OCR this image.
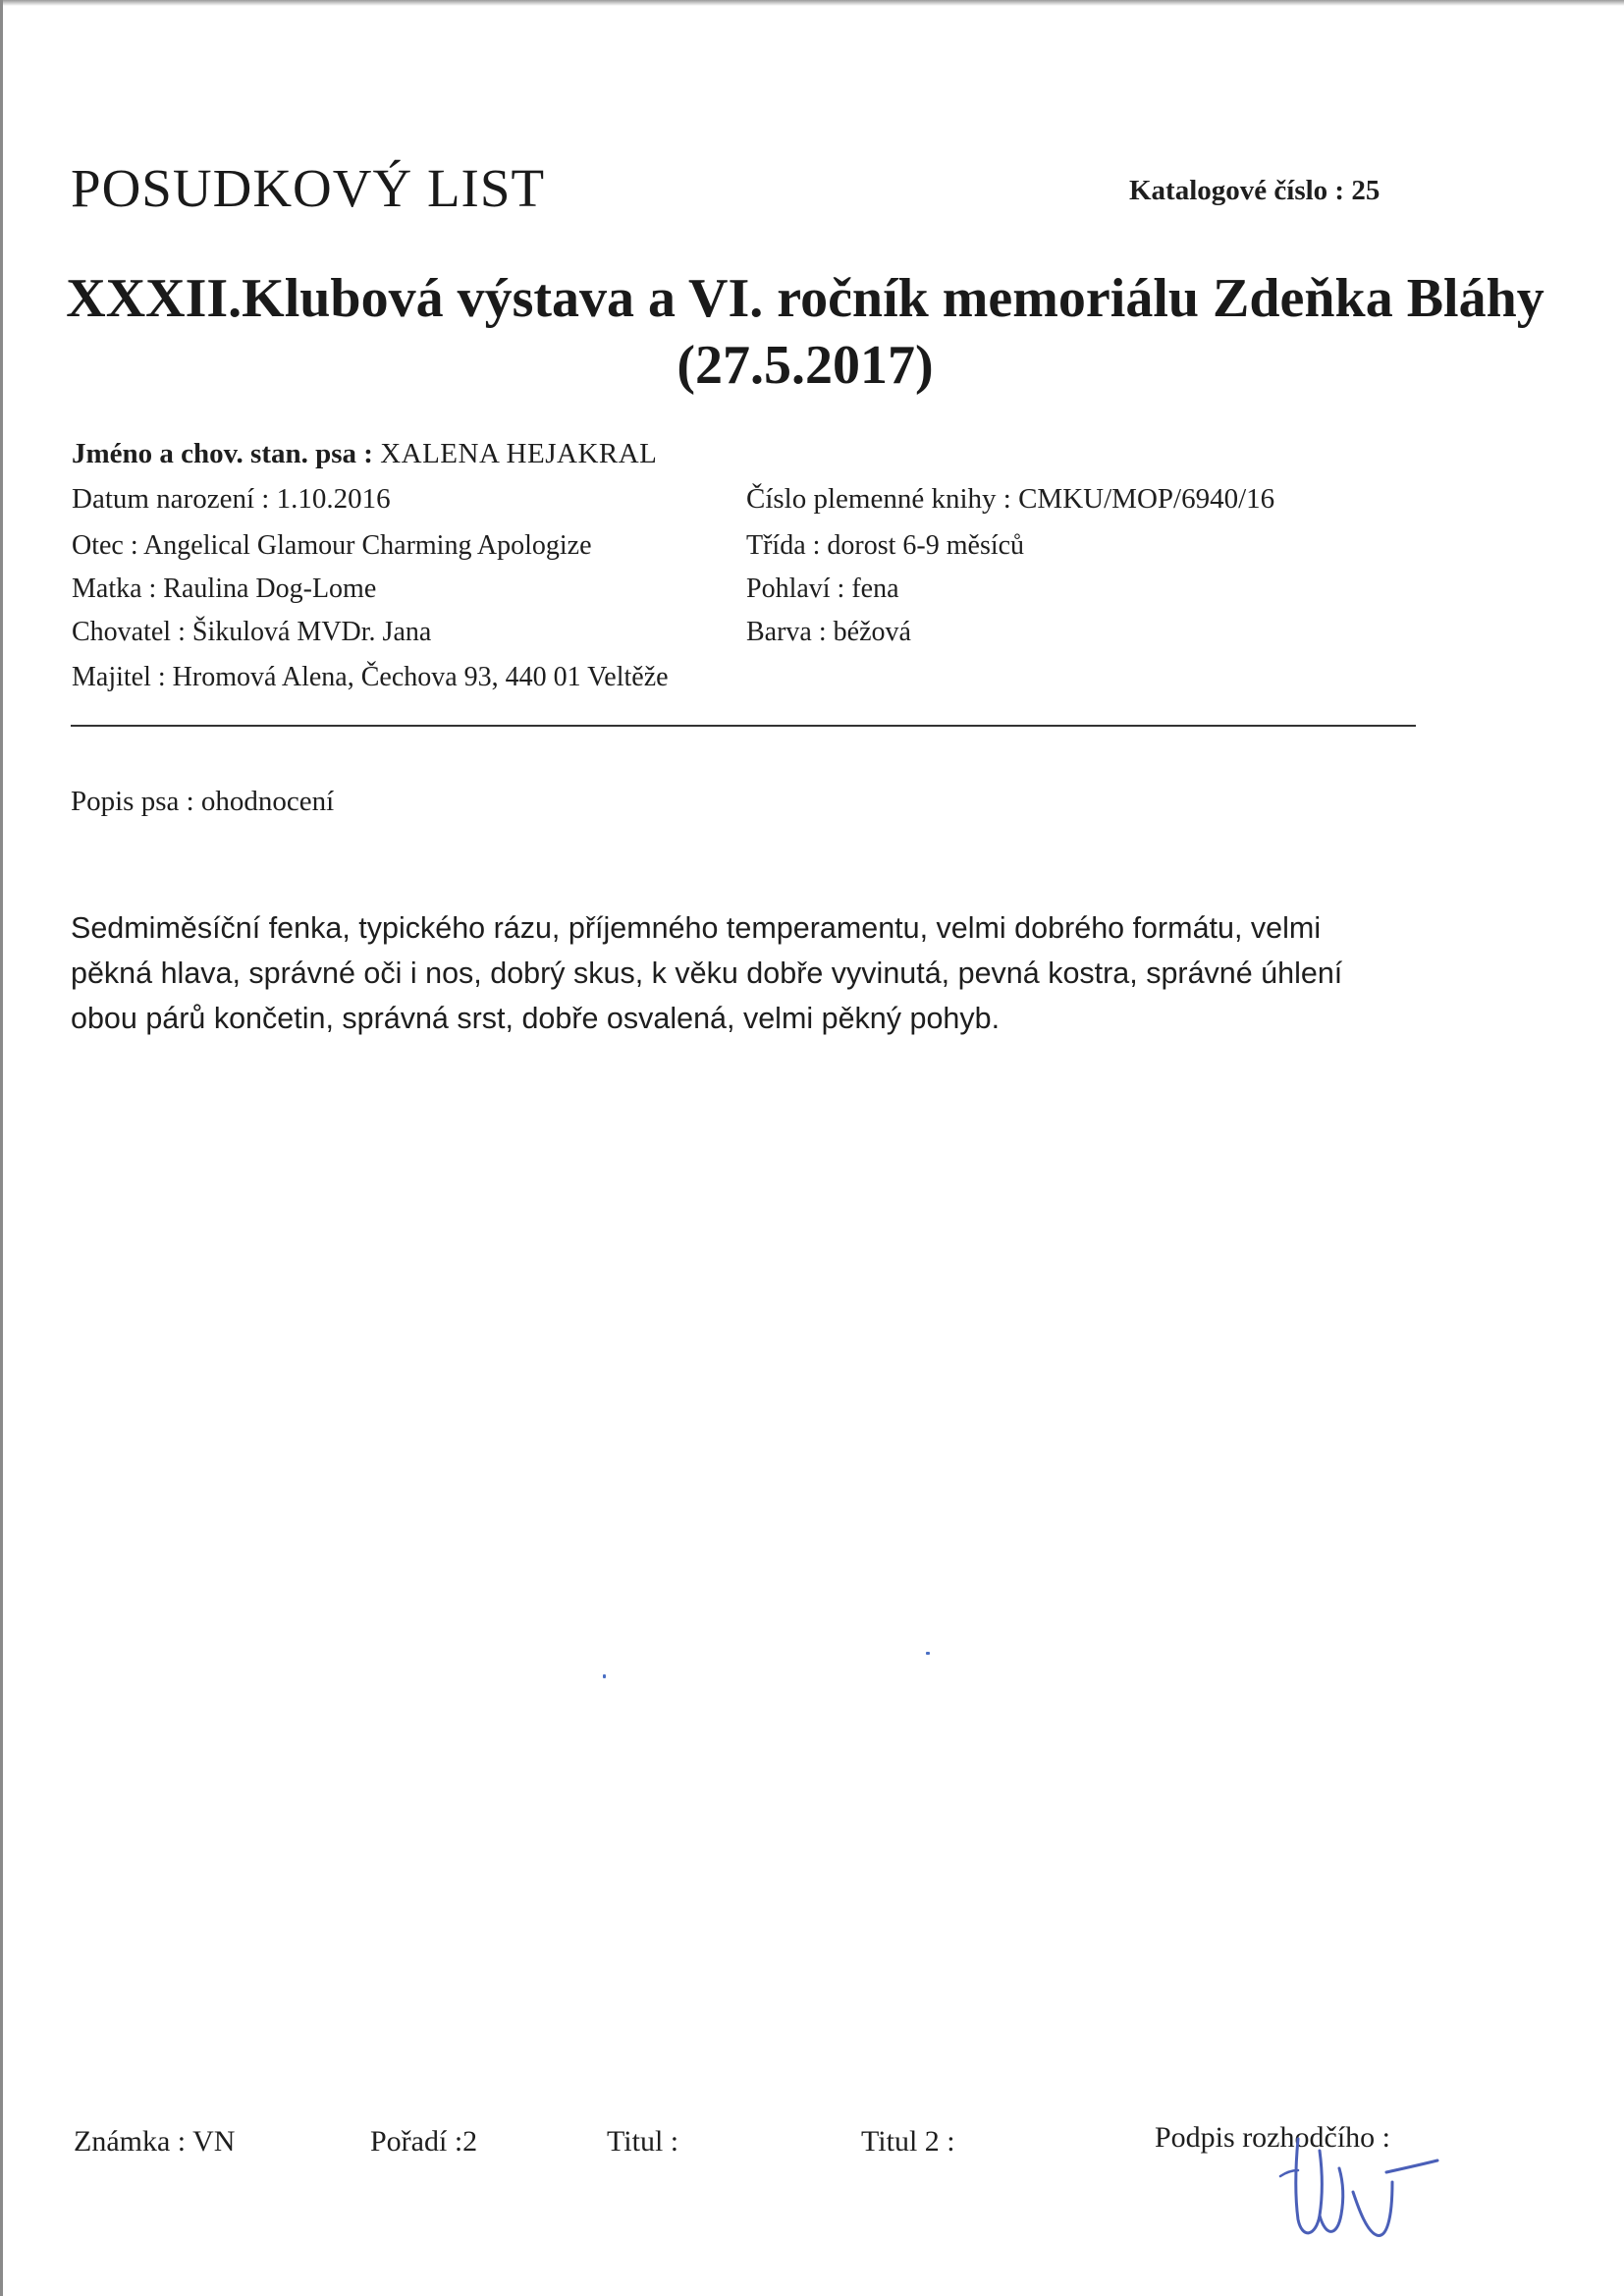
POSUDKOVÝ LIST	Katalogové číslo : 25
XXXII.Klubová výstava a VI. ročník memoriálu Zdeňka Bláhy (27.5.2017)
Jméno a chov. stan. psa : XALENA HEJAKRAL
Datum narození : 1.10.2016	Číslo plemenné knihy : CMKU/MOP/6940/16
Otec : Angelical Glamour Charming Apologize	Třída : dorost 6-9 měsíců
Matka : Raulina Dog-Lome	Pohlaví : fena
Chovatel : Šikulová MVDr. Jana	Barva : béžová
Majitel : Hromová Alena, Čechova 93, 440 01 Veltěže
Popis psa : ohodnocení
Sedmiměsíční fenka, typického rázu, příjemného temperamentu, velmi dobrého formátu, velmi
pěkná hlava, správné oči i nos, dobrý skus, k věku dobře vyvinutá, pevná kostra, správné úhlení
obou párů končetin, správná srst, dobře osvalená, velmi pěkný pohyb.
Známka : VN	Pořadí :2	Titul :	Titul 2 :	Podpis rozhodčího :
